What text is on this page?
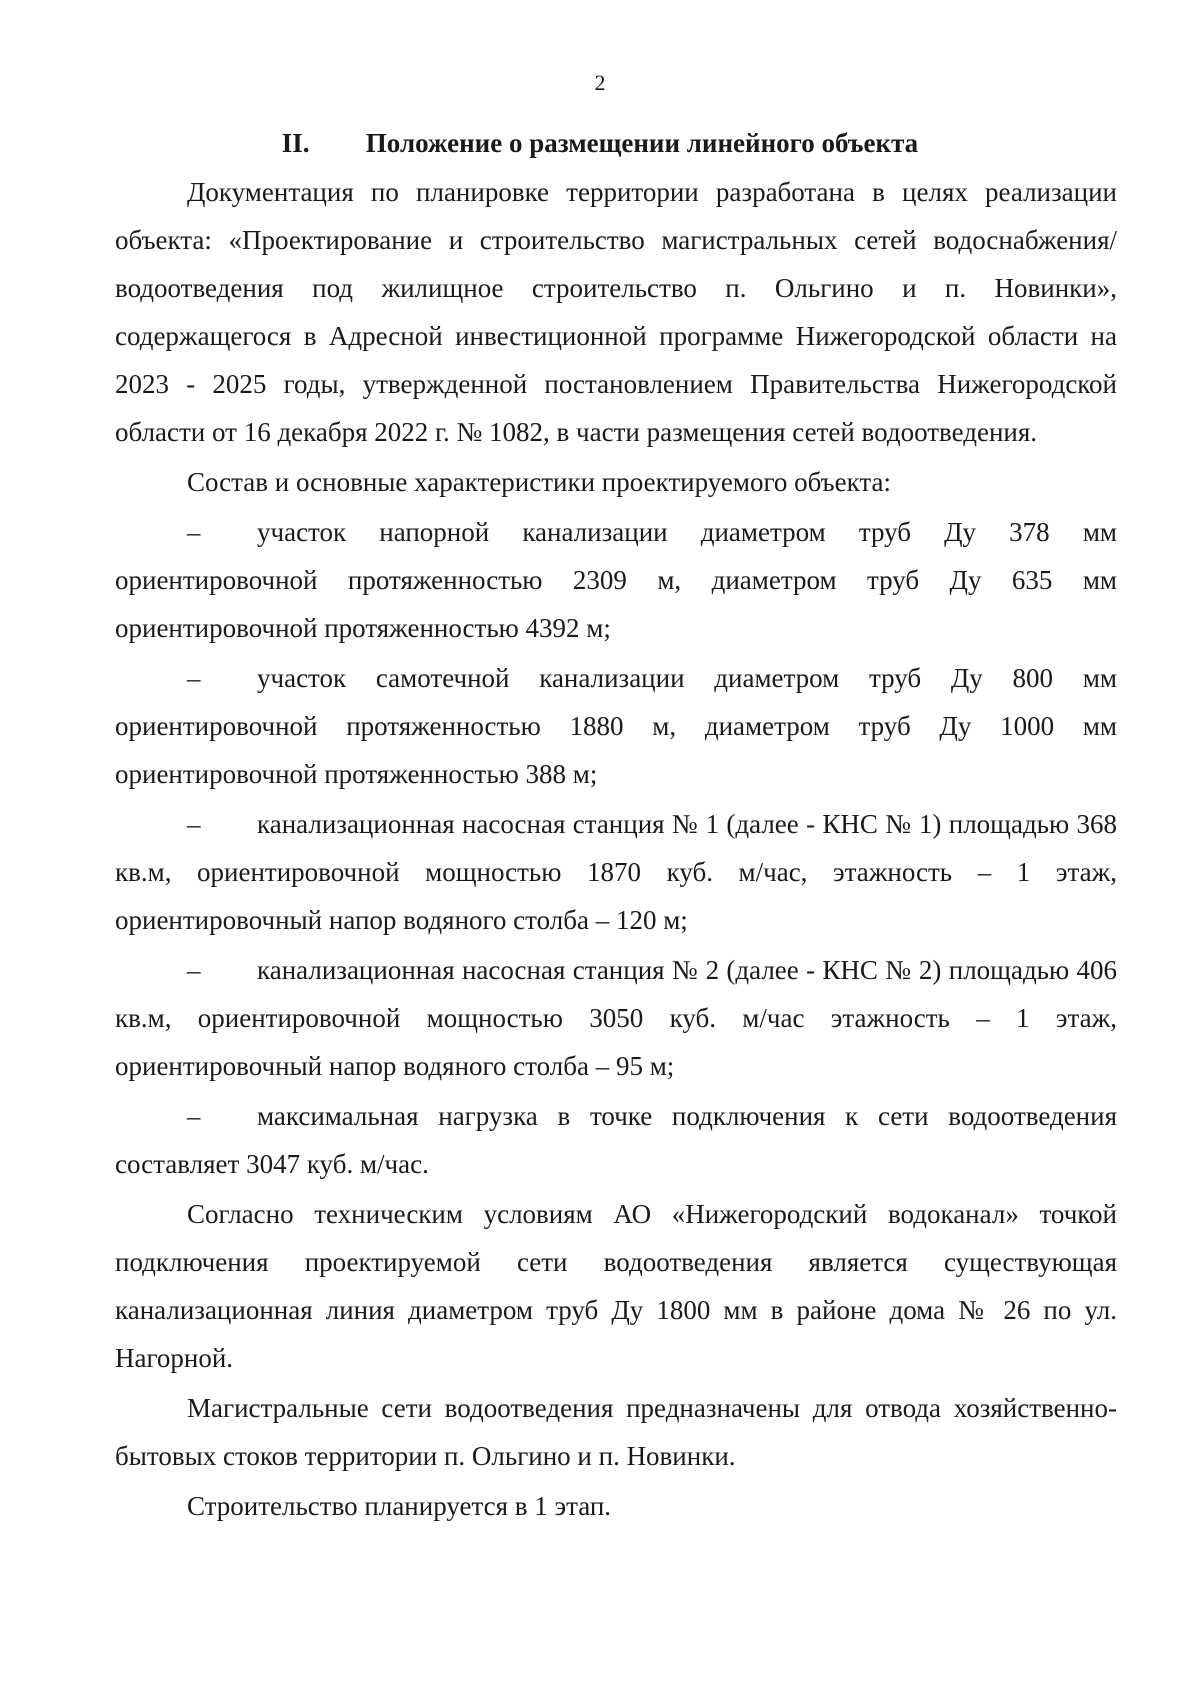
2
II. Положение о размещении линейного объекта

Документация по планировке территории разработана в целях реализации объекта: «Проектирование и строительство магистральных сетей водоснабжения/водоотведения под жилищное строительство п. Ольгино и п. Новинки», содержащегося в Адресной инвестиционной программе Нижегородской области на 2023 - 2025 годы, утвержденной постановлением Правительства Нижегородской области от 16 декабря 2022 г. № 1082, в части размещения сетей водоотведения.

Состав и основные характеристики проектируемого объекта:

– участок напорной канализации диаметром труб Ду 378 мм ориентировочной протяженностью 2309 м, диаметром труб Ду 635 мм ориентировочной протяженностью 4392 м;

– участок самотечной канализации диаметром труб Ду 800 мм ориентировочной протяженностью 1880 м, диаметром труб Ду 1000 мм ориентировочной протяженностью 388 м;

– канализационная насосная станция № 1 (далее - КНС № 1) площадью 368 кв.м, ориентировочной мощностью 1870 куб. м/час, этажность – 1 этаж, ориентировочный напор водяного столба – 120 м;

– канализационная насосная станция № 2 (далее - КНС № 2) площадью 406 кв.м, ориентировочной мощностью 3050 куб. м/час этажность – 1 этаж, ориентировочный напор водяного столба – 95 м;

– максимальная нагрузка в точке подключения к сети водоотведения составляет 3047 куб. м/час.

Согласно техническим условиям АО «Нижегородский водоканал» точкой подключения проектируемой сети водоотведения является существующая канализационная линия диаметром труб Ду 1800 мм в районе дома № 26 по ул. Нагорной.

Магистральные сети водоотведения предназначены для отвода хозяйственно-бытовых стоков территории п. Ольгино и п. Новинки.

Строительство планируется в 1 этап.
